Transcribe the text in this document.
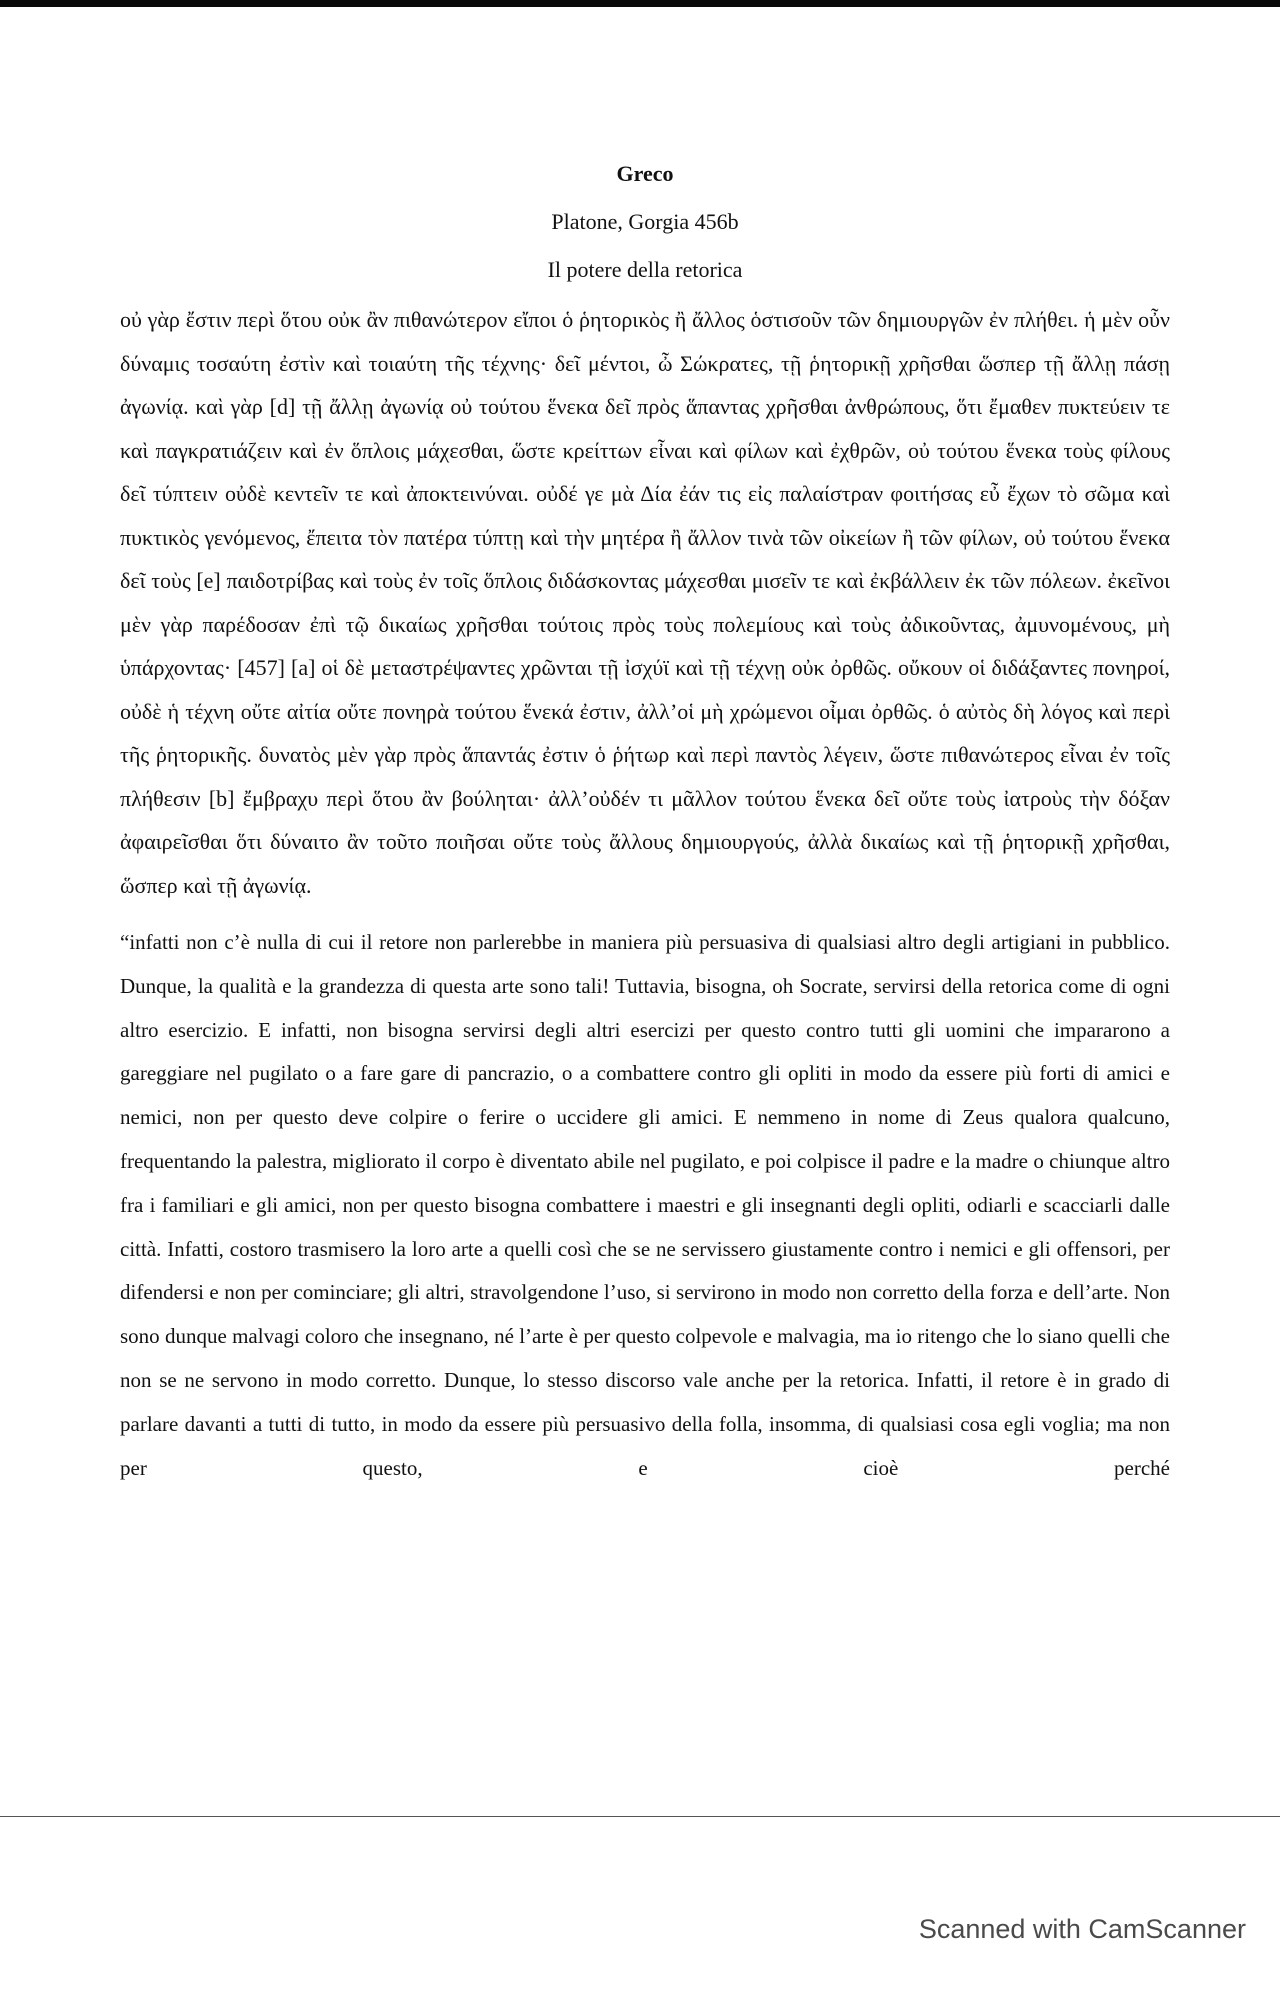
Greco

Platone, Gorgia 456b

Il potere della retorica

οὐ γὰρ ἔστιν περὶ ὅτου οὐκ ἂν πιθανώτερον εἴποι ὁ ῥητορικὸς ἢ ἄλλος ὁστισοῦν τῶν δημιουργῶν ἐν πλήθει. ἡ μὲν οὖν δύναμις τοσαύτη ἐστὶν καὶ τοιαύτη τῆς τέχνης· δεῖ μέντοι, ὦ Σώκρατες, τῇ ῥητορικῇ χρῆσθαι ὥσπερ τῇ ἄλλῃ πάσῃ ἀγωνίᾳ. καὶ γὰρ [d] τῇ ἄλλῃ ἀγωνίᾳ οὐ τούτου ἕνεκα δεῖ πρὸς ἅπαντας χρῆσθαι ἀνθρώπους, ὅτι ἔμαθεν πυκτεύειν τε καὶ παγκρατιάζειν καὶ ἐν ὅπλοις μάχεσθαι, ὥστε κρείττων εἶναι καὶ φίλων καὶ ἐχθρῶν, οὐ τούτου ἕνεκα τοὺς φίλους δεῖ τύπτειν οὐδὲ κεντεῖν τε καὶ ἀποκτεινύναι. οὐδέ γε μὰ Δία ἐάν τις εἰς παλαίστραν φοιτήσας εὖ ἔχων τὸ σῶμα καὶ πυκτικὸς γενόμενος, ἔπειτα τὸν πατέρα τύπτῃ καὶ τὴν μητέρα ἢ ἄλλον τινὰ τῶν οἰκείων ἢ τῶν φίλων, οὐ τούτου ἕνεκα δεῖ τοὺς [e] παιδοτρίβας καὶ τοὺς ἐν τοῖς ὅπλοις διδάσκοντας μάχεσθαι μισεῖν τε καὶ ἐκβάλλειν ἐκ τῶν πόλεων. ἐκεῖνοι μὲν γὰρ παρέδοσαν ἐπὶ τῷ δικαίως χρῆσθαι τούτοις πρὸς τοὺς πολεμίους καὶ τοὺς ἀδικοῦντας, ἀμυνομένους, μὴ ὑπάρχοντας· [457] [a] οἱ δὲ μεταστρέψαντες χρῶνται τῇ ἰσχύϊ καὶ τῇ τέχνῃ οὐκ ὀρθῶς. οὔκουν οἱ διδάξαντες πονηροί, οὐδὲ ἡ τέχνη οὔτε αἰτία οὔτε πονηρὰ τούτου ἕνεκά ἐστιν, ἀλλ’οἱ μὴ χρώμενοι οἶμαι ὀρθῶς. ὁ αὐτὸς δὴ λόγος καὶ περὶ τῆς ῥητορικῆς. δυνατὸς μὲν γὰρ πρὸς ἅπαντάς ἐστιν ὁ ῥήτωρ καὶ περὶ παντὸς λέγειν, ὥστε πιθανώτερος εἶναι ἐν τοῖς πλήθεσιν [b] ἔμβραχυ περὶ ὅτου ἂν βούληται· ἀλλ’οὐδέν τι μᾶλλον τούτου ἕνεκα δεῖ οὔτε τοὺς ἰατροὺς τὴν δόξαν ἀφαιρεῖσθαι ὅτι δύναιτο ἂν τοῦτο ποιῆσαι οὔτε τοὺς ἄλλους δημιουργούς, ἀλλὰ δικαίως καὶ τῇ ῥητορικῇ χρῆσθαι, ὥσπερ καὶ τῇ ἀγωνίᾳ.

“infatti non c’è nulla di cui il retore non parlerebbe in maniera più persuasiva di qualsiasi altro degli artigiani in pubblico. Dunque, la qualità e la grandezza di questa arte sono tali! Tuttavia, bisogna, oh Socrate, servirsi della retorica come di ogni altro esercizio. E infatti, non bisogna servirsi degli altri esercizi per questo contro tutti gli uomini che impararono a gareggiare nel pugilato o a fare gare di pancrazio, o a combattere contro gli opliti in modo da essere più forti di amici e nemici, non per questo deve colpire o ferire o uccidere gli amici. E nemmeno in nome di Zeus qualora qualcuno, frequentando la palestra, migliorato il corpo è diventato abile nel pugilato, e poi colpisce il padre e la madre o chiunque altro fra i familiari e gli amici, non per questo bisogna combattere i maestri e gli insegnanti degli opliti, odiarli e scacciarli dalle città. Infatti, costoro trasmisero la loro arte a quelli così che se ne servissero giustamente contro i nemici e gli offensori, per difendersi e non per cominciare; gli altri, stravolgendone l’uso, si servirono in modo non corretto della forza e dell’arte. Non sono dunque malvagi coloro che insegnano, né l’arte è per questo colpevole e malvagia, ma io ritengo che lo siano quelli che non se ne servono in modo corretto. Dunque, lo stesso discorso vale anche per la retorica. Infatti, il retore è in grado di parlare davanti a tutti di tutto, in modo da essere più persuasivo della folla, insomma, di qualsiasi cosa egli voglia; ma non per questo, e cioè perché

Scanned with CamScanner
